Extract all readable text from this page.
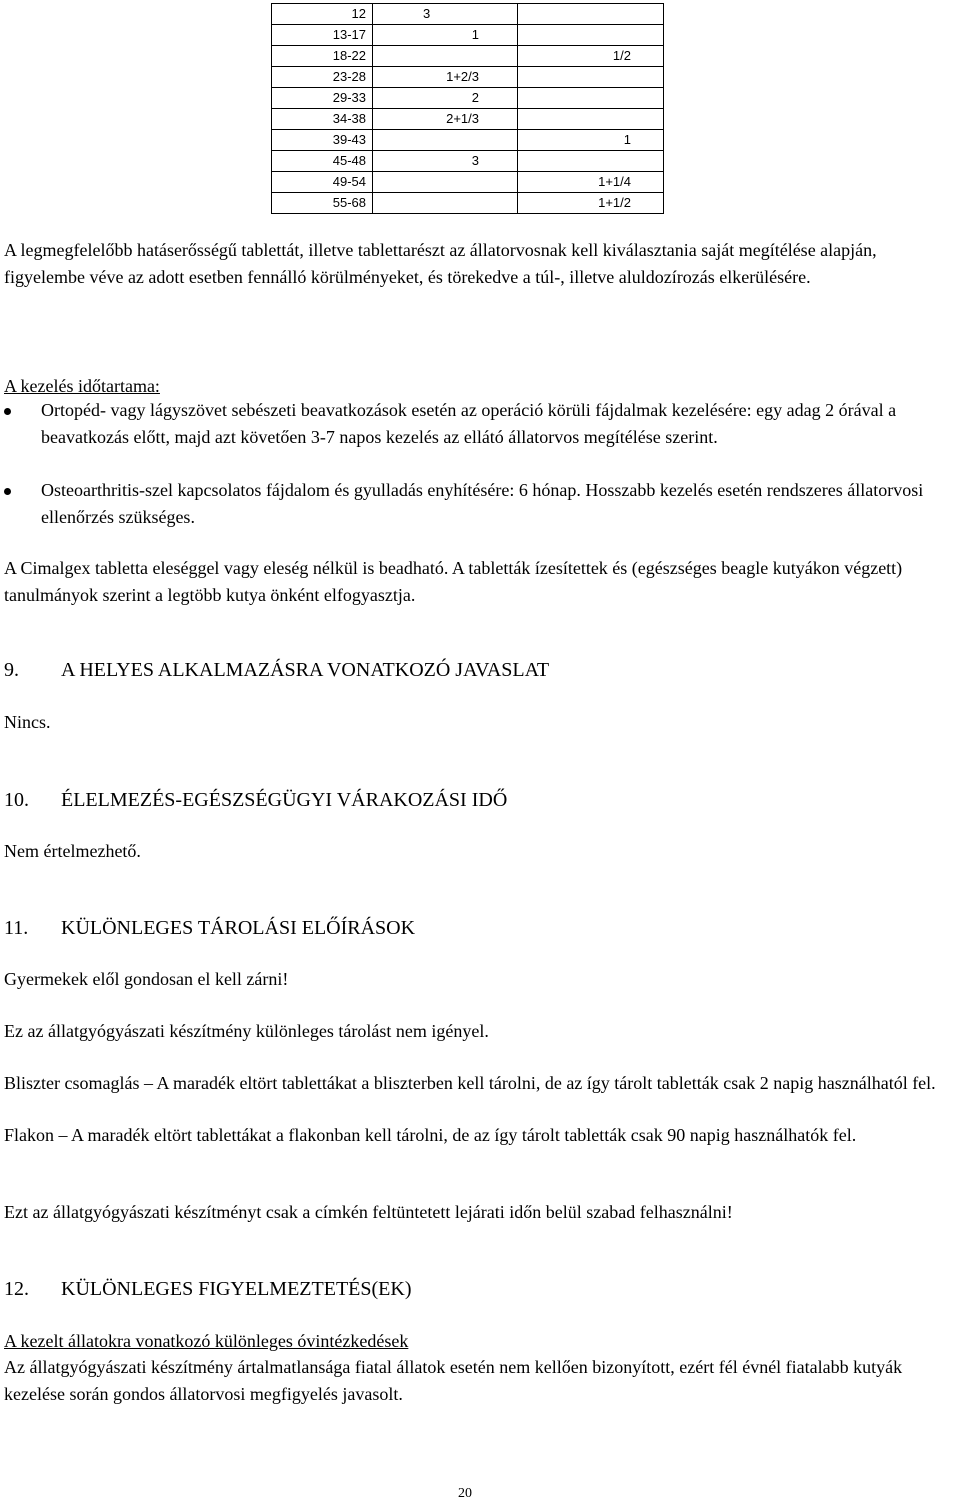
12	3	
13-17	1	
18-22		1/2
23-28	1+2/3	
29-33	2	
34-38	2+1/3	
39-43		1
45-48	3	
49-54		1+1/4
55-68		1+1/2

A legmegfelelőbb hatáserősségű tablettát, illetve tablettarészt az állatorvosnak kell kiválasztania saját megítélése alapján, figyelembe véve az adott esetben fennálló körülményeket, és törekedve a túl-, illetve aluldozírozás elkerülésére.

A kezelés időtartama:

Ortopéd- vagy lágyszövet sebészeti beavatkozások esetén az operáció körüli fájdalmak kezelésére: egy adag 2 órával a beavatkozás előtt, majd azt követően 3-7 napos kezelés az ellátó állatorvos megítélése szerint.
Osteoarthritis-szel kapcsolatos fájdalom és gyulladás enyhítésére: 6 hónap. Hosszabb kezelés esetén rendszeres állatorvosi ellenőrzés szükséges.

A Cimalgex tabletta eleséggel vagy eleség nélkül is beadható. A tabletták ízesítettek és (egészséges beagle kutyákon végzett) tanulmányok szerint a legtöbb kutya önként elfogyasztja.

9. A HELYES ALKALMAZÁSRA VONATKOZÓ JAVASLAT

Nincs.

10. ÉLELMEZÉS-EGÉSZSÉGÜGYI VÁRAKOZÁSI IDŐ

Nem értelmezhető.

11. KÜLÖNLEGES TÁROLÁSI ELŐÍRÁSOK

Gyermekek elől gondosan el kell zárni!

Ez az állatgyógyászati készítmény különleges tárolást nem igényel.

Bliszter csomaglás – A maradék eltört tablettákat a bliszterben kell tárolni, de az így tárolt tabletták csak 2 napig használhatól fel.

Flakon – A maradék eltört tablettákat a flakonban kell tárolni, de az így tárolt tabletták csak 90 napig használhatók fel.

Ezt az állatgyógyászati készítményt csak a címkén feltüntetett lejárati időn belül szabad felhasználni!

12. KÜLÖNLEGES FIGYELMEZTETÉS(EK)

A kezelt állatokra vonatkozó különleges óvintézkedések

Az állatgyógyászati készítmény ártalmatlansága fiatal állatok esetén nem kellően bizonyított, ezért fél évnél fiatalabb kutyák kezelése során gondos állatorvosi megfigyelés javasolt.

20
